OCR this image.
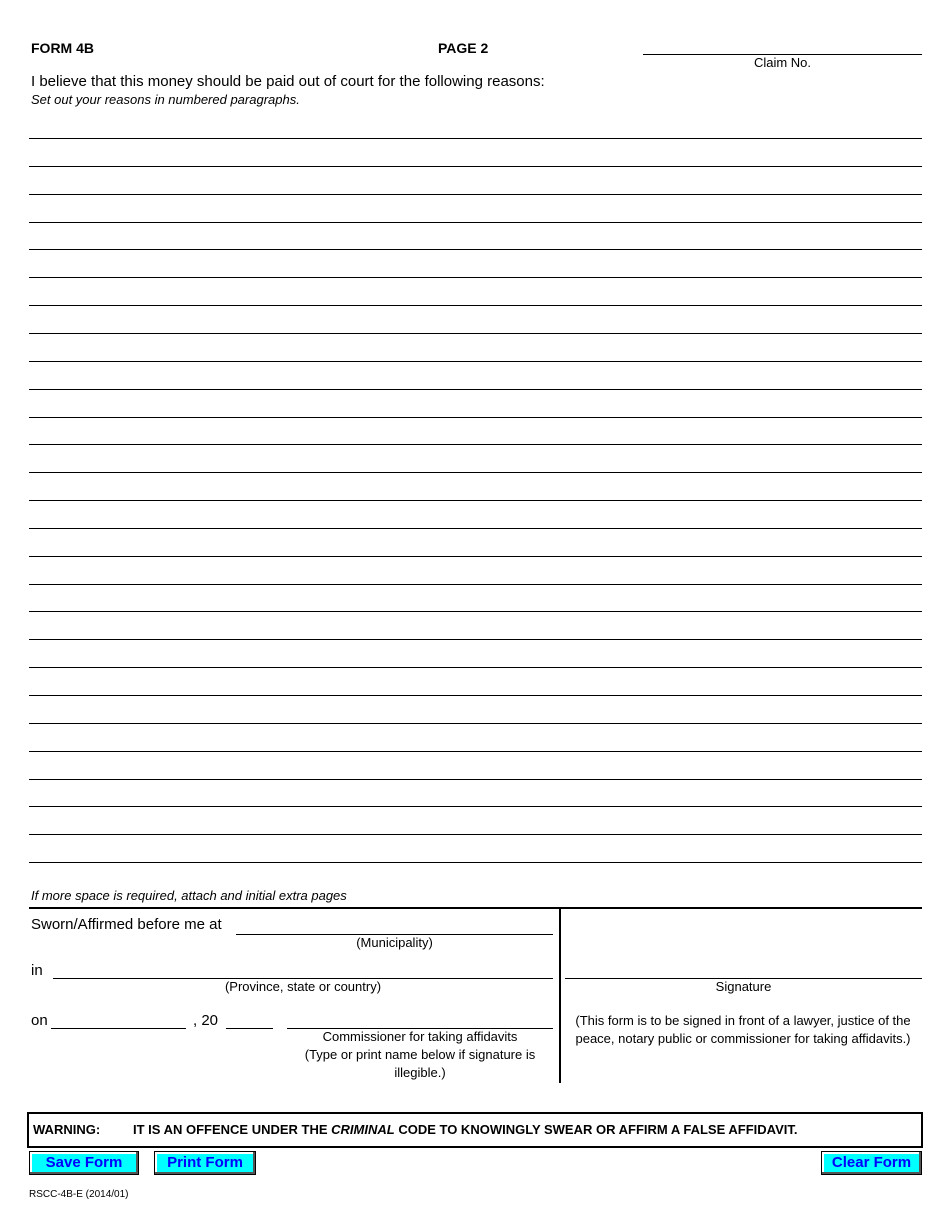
FORM 4B	PAGE 2
Claim No.
I believe that this money should be paid out of court for the following reasons:
Set out your reasons in numbered paragraphs.
If more space is required, attach and initial extra pages
Sworn/Affirmed before me at
(Municipality)
in
(Province, state or country)
on	, 20
Commissioner for taking affidavits
(Type or print name below if signature is illegible.)
Signature
(This form is to be signed in front of a lawyer, justice of the peace, notary public or commissioner for taking affidavits.)
WARNING:	IT IS AN OFFENCE UNDER THE CRIMINAL CODE TO KNOWINGLY SWEAR OR AFFIRM A FALSE AFFIDAVIT.
Save Form	Print Form	Clear Form
RSCC-4B-E (2014/01)
